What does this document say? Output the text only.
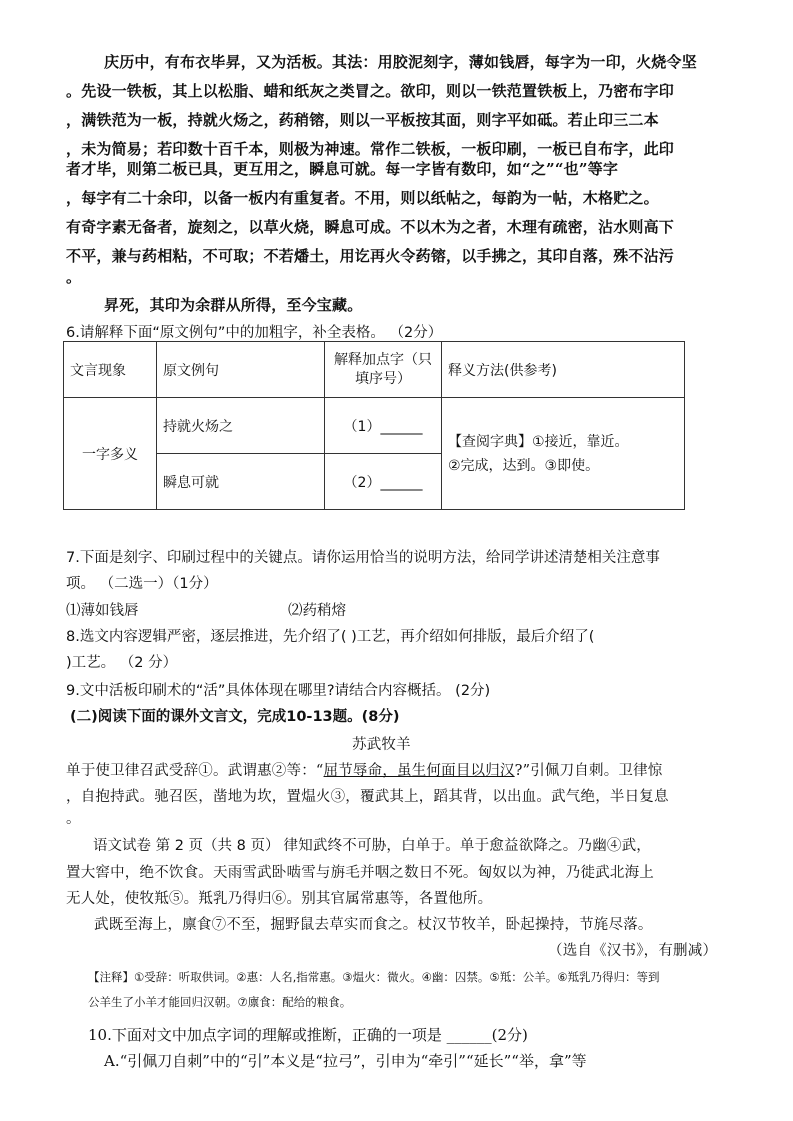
庆历中，有布衣毕昇，又为活板。其法：用胶泥刻字，薄如钱唇，每字为一印，火烧令坚
。先设一铁板，其上以松脂、蜡和纸灰之类冒之。欲印，则以一铁范置铁板上，乃密布字印
，满铁范为一板，持就火炀之，药稍镕，则以一平板按其面，则字平如砥。若止印三二本
，未为简易；若印数十百千本，则极为神速。常作二铁板，一板印刷，一板已自布字，此印
者才毕，则第二板已具，更互用之，瞬息可就。每一字皆有数印，如“之”“也”等字
，每字有二十余印，以备一板内有重复者。不用，则以纸帖之，每韵为一帖，木格贮之。
有奇字素无备者，旋刻之，以草火烧，瞬息可成。不以木为之者，木理有疏密，沾水则高下
不平，兼与药相粘，不可取；不若燔土，用讫再火令药镕，以手拂之，其印自落，殊不沾污
。
昇死，其印为余群从所得，至今宝藏。
6.请解释下面“原文例句”中的加粗字，补全表格。 （2分）
文言现象	原文例句	解释加点字（只填序号）	释义方法(供参考)
一字多义	持就火炀之	（1）______	【查阅字典】①接近，靠近。
②完成，达到。③即使。

	瞬息可就	（2）______	
7.下面是刻字、印刷过程中的关键点。请你运用恰当的说明方法，给同学讲述清楚相关注意事
项。 （二选一）（1分）
⑴薄如钱唇	⑵药稍熔
8.选文内容逻辑严密，逐层推进，先介绍了( )工艺，再介绍如何排版，最后介绍了(
)工艺。 （2 分）
9.文中活板印刷术的“活”具体体现在哪里?请结合内容概括。 (2分)
(二)阅读下面的课外文言文，完成10-13题。(8分)
苏武牧羊
单于使卫律召武受辞①。武谓惠②等：“屈节辱命，虽生何面目以归汉?”引佩刀自刺。卫律惊
，自抱持武。驰召医，凿地为坎，置煴火③，覆武其上，蹈其背，以出血。武气绝，半日复息
。
语文试卷 第 2 页（共 8 页） 律知武终不可胁，白单于。单于愈益欲降之。乃幽④武，
置大窖中，绝不饮食。天雨雪武卧啮雪与旃毛并咽之数日不死。匈奴以为神，乃徙武北海上
无人处，使牧羝⑤。羝乳乃得归⑥。别其官属常惠等，各置他所。
武既至海上，廪食⑦不至，掘野鼠去草实而食之。杖汉节牧羊，卧起操持，节旄尽落。
（选自《汉书》，有删减）
【注释】①受辞：听取供词。②惠：人名,指常惠。③煴火：微火。④幽：囚禁。⑤羝：公羊。⑥羝乳乃得归：等到
公羊生了小羊才能回归汉朝。⑦廪食：配给的粮食。
10.下面对文中加点字词的理解或推断，正确的一项是 ______(2分)
A.“引佩刀自刺”中的“引”本义是“拉弓”，引申为“牵引”“延长”“举，拿”等
